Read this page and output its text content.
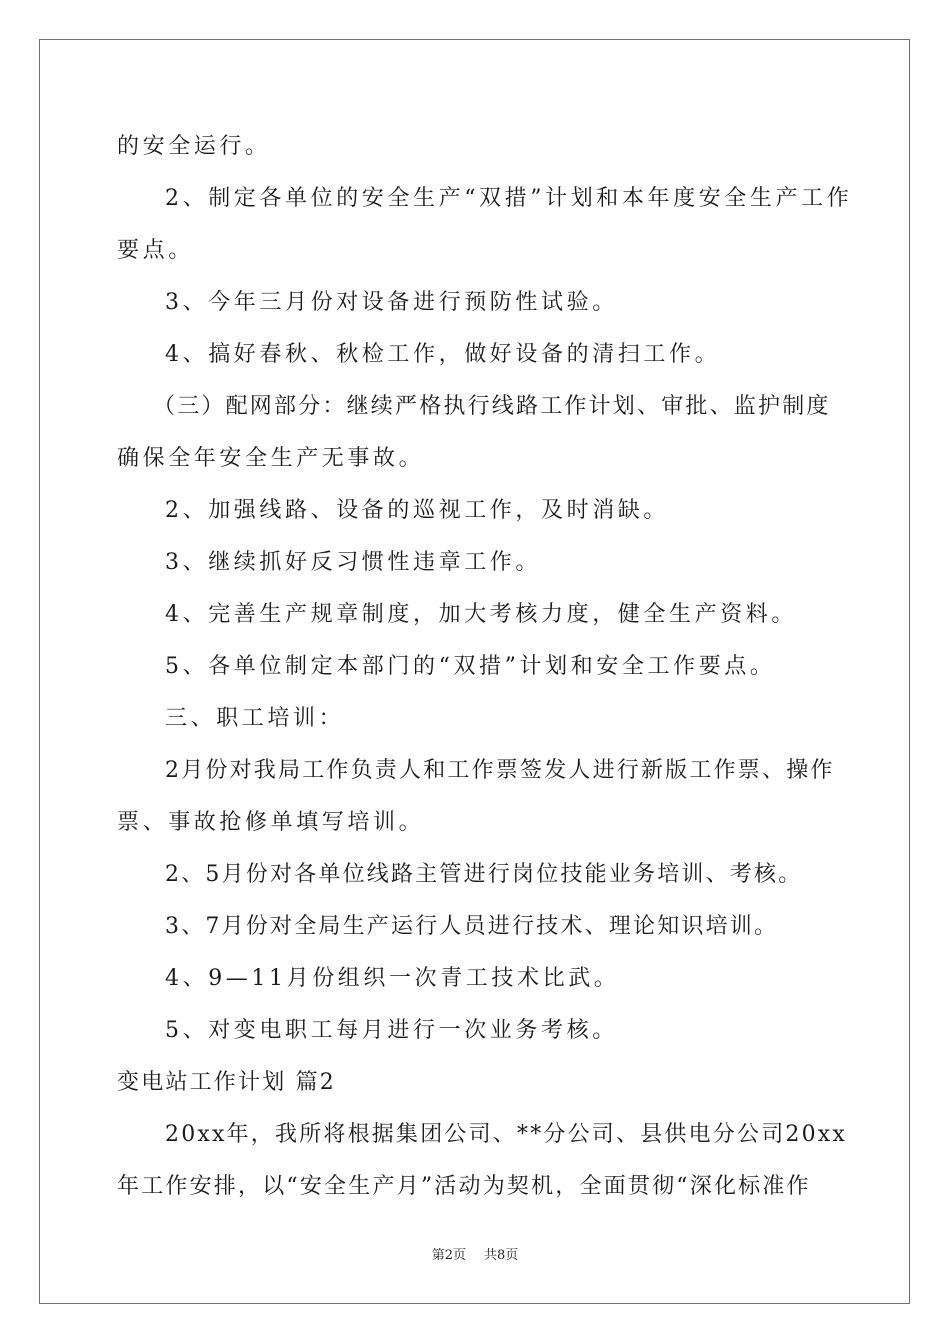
的安全运行。
2、制定各单位的安全生产“双措”计划和本年度安全生产工作
要点。
3、今年三月份对设备进行预防性试验。
4、搞好春秋、秋检工作，做好设备的清扫工作。
（三）配网部分：继续严格执行线路工作计划、审批、监护制度
确保全年安全生产无事故。
2、加强线路、设备的巡视工作，及时消缺。
3、继续抓好反习惯性违章工作。
4、完善生产规章制度，加大考核力度，健全生产资料。
5、各单位制定本部门的“双措”计划和安全工作要点。
三、职工培训：
2月份对我局工作负责人和工作票签发人进行新版工作票、操作
票、事故抢修单填写培训。
2、5月份对各单位线路主管进行岗位技能业务培训、考核。
3、7月份对全局生产运行人员进行技术、理论知识培训。
4、9—11月份组织一次青工技术比武。
5、对变电职工每月进行一次业务考核。
变电站工作计划 篇2
20xx年，我所将根据集团公司、**分公司、县供电分公司20xx
年工作安排，以“安全生产月”活动为契机，全面贯彻“深化标准作
第2页 共8页
